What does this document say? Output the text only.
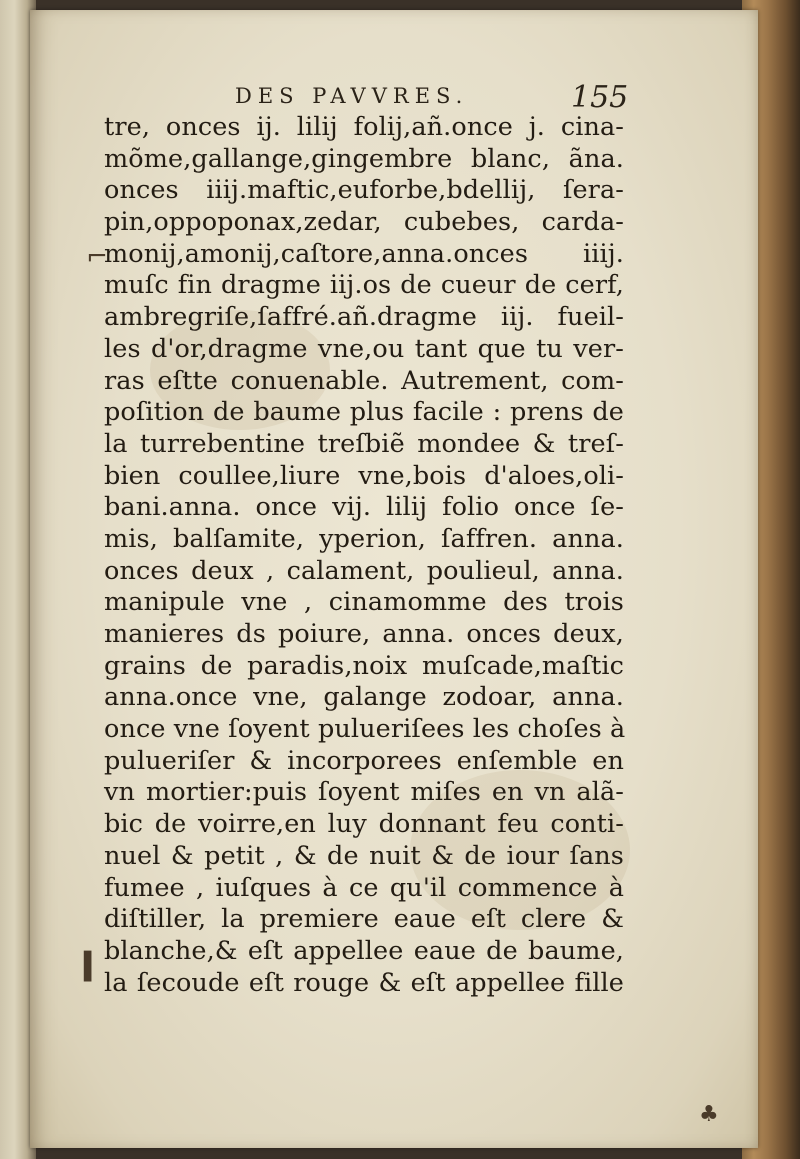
DES PAVVRES.	155
⌐
▍
♣
tre, onces ij. lilij folij,añ.once j. cina-
mõme,gallange,gingembre blanc, ãna.
onces iiij.maftic,euforbe,bdellij, ſera-
pin,oppoponax,zedar, cubebes, carda-
monij,amonij,caſtore,anna.onces iiij.
muſc fin dragme iij.os de cueur de cerf,
ambregriſe,ſaffré.añ.dragme iij. fueil-
les d'or,dragme vne,ou tant que tu ver-
ras eſtte conuenable. Autrement, com-
poſition de baume plus facile : prens de
la turrebentine treſbiẽ mondee & treſ-
bien coullee,liure vne,bois d'aloes,oli-
bani.anna. once vij. lilij folio once ſe-
mis, balſamite, yperion, ſaffren. anna.
onces deux , calament, poulieul, anna.
manipule vne , cinamomme des trois
manieres ds poiure, anna. onces deux,
grains de paradis,noix muſcade,maſtic
anna.once vne, galange zodoar, anna.
once vne ſoyent pulueriſees les choſes à
pulueriſer & incorporees enſemble en
vn mortier:puis ſoyent miſes en vn alã-
bic de voirre,en luy donnant feu conti-
nuel & petit , & de nuit & de iour ſans
fumee , iuſques à ce qu'il commence à
diſtiller, la premiere eaue eſt clere &
blanche,& eſt appellee eaue de baume,
la ſecoude eſt rouge & eſt appellee fille
